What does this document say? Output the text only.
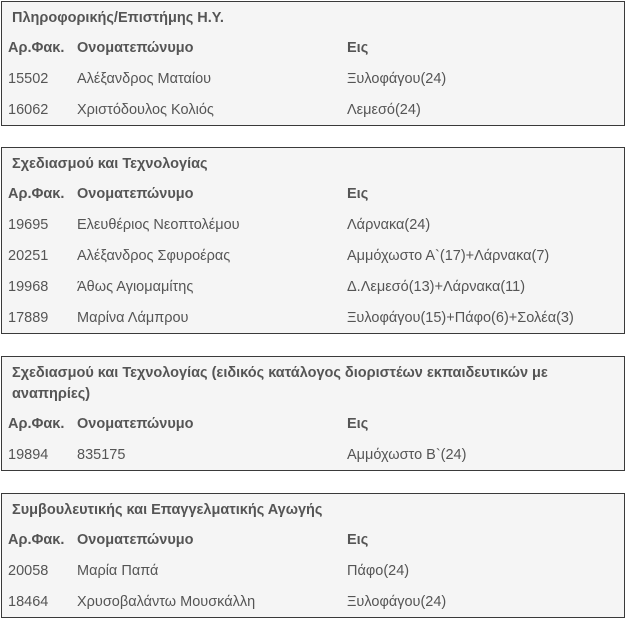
Πληροφορικής/Επιστήμης Η.Υ.
Αρ.Φακ. Ονοματεπώνυμο	Εις
15502 Αλέξανδρος Ματαίου	Ξυλοφάγου(24)
16062 Χριστόδουλος Κολιός	Λεμεσό(24)
Σχεδιασμού και Τεχνολογίας
Αρ.Φακ. Ονοματεπώνυμο	Εις
19695 Ελευθέριος Νεοπτολέμου	Λάρνακα(24)
20251 Αλέξανδρος Σφυροέρας	Αμμόχωστο Α`(17)+Λάρνακα(7)
19968 Άθως Αγιομαμίτης	Δ.Λεμεσό(13)+Λάρνακα(11)
17889 Μαρίνα Λάμπρου	Ξυλοφάγου(15)+Πάφο(6)+Σολέα(3)
Σχεδιασμού και Τεχνολογίας (ειδικός κατάλογος διοριστέων εκπαιδευτικών με αναπηρίες)
Αρ.Φακ. Ονοματεπώνυμο	Εις
19894 835175	Αμμόχωστο Β`(24)
Συμβουλευτικής και Επαγγελματικής Αγωγής
Αρ.Φακ. Ονοματεπώνυμο	Εις
20058 Μαρία Παπά	Πάφο(24)
18464 Χρυσοβαλάντω Μουσκάλλη	Ξυλοφάγου(24)
